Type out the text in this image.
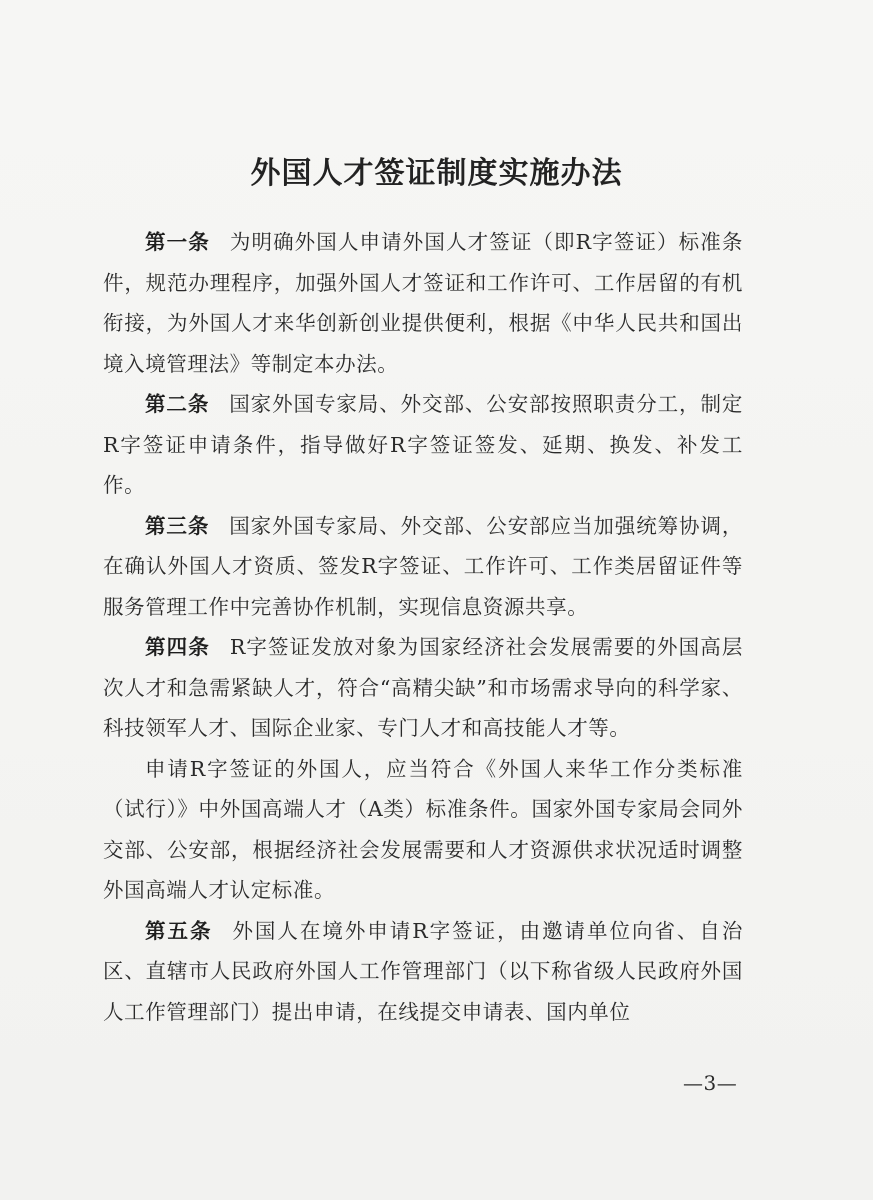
外国人才签证制度实施办法

第一条 为明确外国人申请外国人才签证（即R字签证）标准条件，规范办理程序，加强外国人才签证和工作许可、工作居留的有机衔接，为外国人才来华创新创业提供便利，根据《中华人民共和国出境入境管理法》等制定本办法。

第二条 国家外国专家局、外交部、公安部按照职责分工，制定R字签证申请条件，指导做好R字签证签发、延期、换发、补发工作。

第三条 国家外国专家局、外交部、公安部应当加强统筹协调，在确认外国人才资质、签发R字签证、工作许可、工作类居留证件等服务管理工作中完善协作机制，实现信息资源共享。

第四条 R字签证发放对象为国家经济社会发展需要的外国高层次人才和急需紧缺人才，符合“高精尖缺”和市场需求导向的科学家、科技领军人才、国际企业家、专门人才和高技能人才等。

申请R字签证的外国人，应当符合《外国人来华工作分类标准（试行）》中外国高端人才（A类）标准条件。国家外国专家局会同外交部、公安部，根据经济社会发展需要和人才资源供求状况适时调整外国高端人才认定标准。

第五条 外国人在境外申请R字签证，由邀请单位向省、自治区、直辖市人民政府外国人工作管理部门（以下称省级人民政府外国人工作管理部门）提出申请，在线提交申请表、国内单位

—3—
